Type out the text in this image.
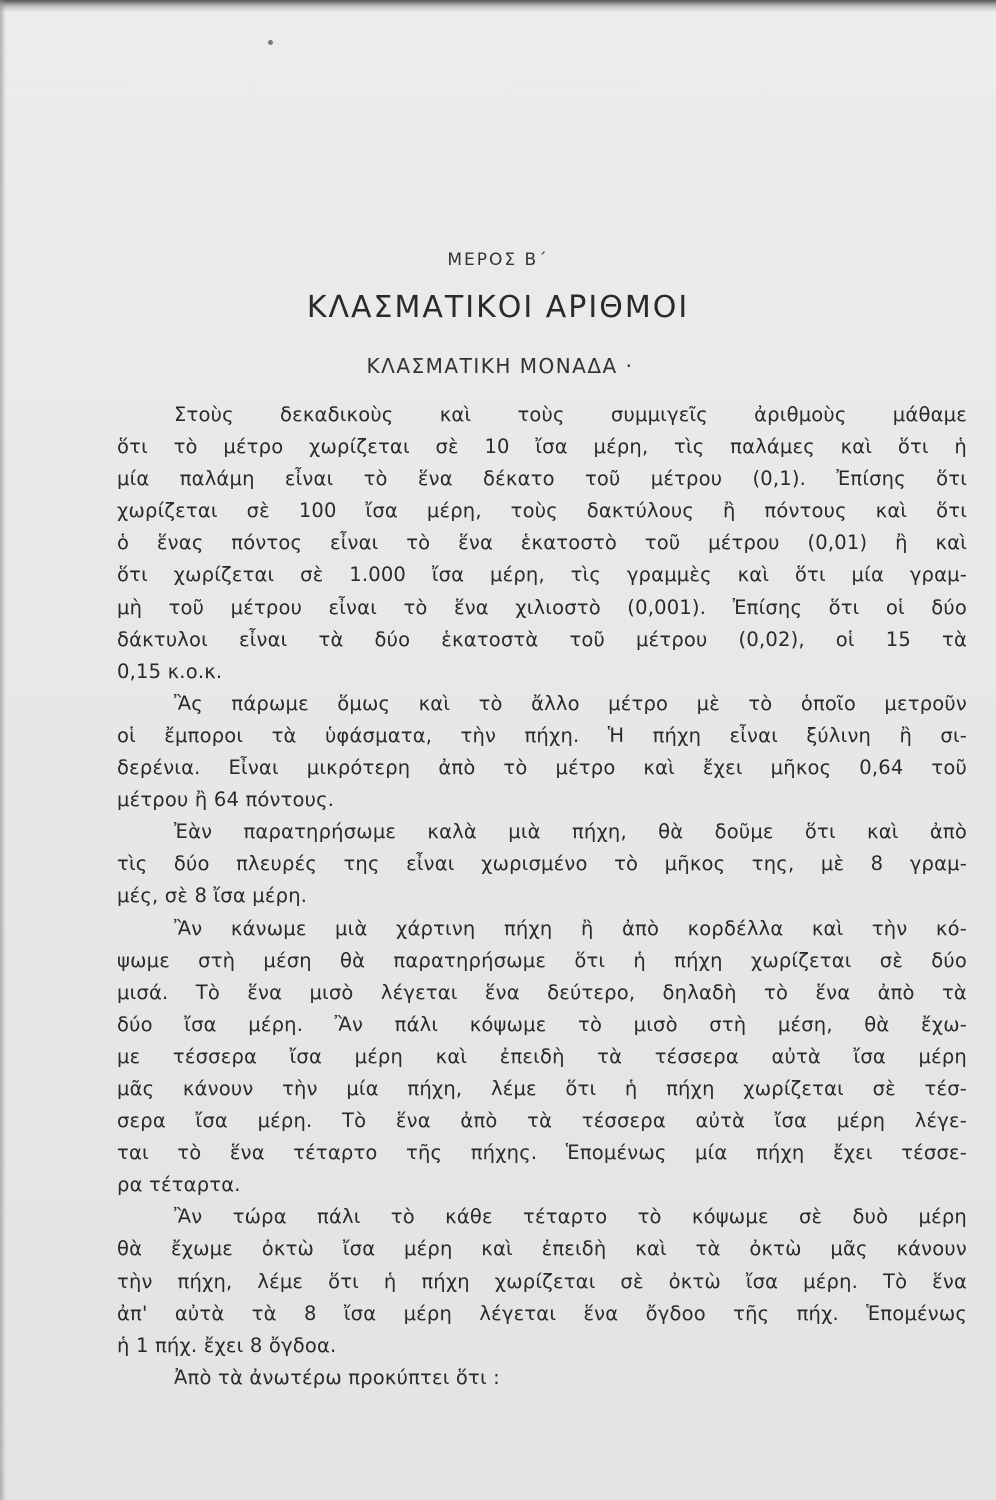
ΜΕΡΟΣ Β΄
ΚΛΑΣΜΑΤΙΚΟΙ ΑΡΙΘΜΟΙ
ΚΛΑΣΜΑΤΙΚΗ ΜΟΝΑΔΑ ·
Στοὺς δεκαδικοὺς καὶ τοὺς συμμιγεῖς ἀριθμοὺς μάθαμε
ὅτι τὸ μέτρο χωρίζεται σὲ 10 ἴσα μέρη, τὶς παλάμες καὶ ὅτι ἡ
μία παλάμη εἶναι τὸ ἕνα δέκατο τοῦ μέτρου (0,1). Ἐπίσης ὅτι
χωρίζεται σὲ 100 ἴσα μέρη, τοὺς δακτύλους ἢ πόντους καὶ ὅτι
ὁ ἕνας πόντος εἶναι τὸ ἕνα ἑκατοστὸ τοῦ μέτρου (0,01) ἢ καὶ
ὅτι χωρίζεται σὲ 1.000 ἴσα μέρη, τὶς γραμμὲς καὶ ὅτι μία γραμ-
μὴ τοῦ μέτρου εἶναι τὸ ἕνα χιλιοστὸ (0,001). Ἐπίσης ὅτι οἱ δύο
δάκτυλοι εἶναι τὰ δύο ἑκατοστὰ τοῦ μέτρου (0,02), οἱ 15 τὰ
0,15 κ.ο.κ.
Ἂς πάρωμε ὅμως καὶ τὸ ἄλλο μέτρο μὲ τὸ ὁποῖο μετροῦν
οἱ ἔμποροι τὰ ὑφάσματα, τὴν πήχη. Ἡ πήχη εἶναι ξύλινη ἢ σι-
δερένια. Εἶναι μικρότερη ἀπὸ τὸ μέτρο καὶ ἔχει μῆκος 0,64 τοῦ
μέτρου ἢ 64 πόντους.
Ἐὰν παρατηρήσωμε καλὰ μιὰ πήχη, θὰ δοῦμε ὅτι καὶ ἀπὸ
τὶς δύο πλευρές της εἶναι χωρισμένο τὸ μῆκος της, μὲ 8 γραμ-
μές, σὲ 8 ἴσα μέρη.
Ἂν κάνωμε μιὰ χάρτινη πήχη ἢ ἀπὸ κορδέλλα καὶ τὴν κό-
ψωμε στὴ μέση θὰ παρατηρήσωμε ὅτι ἡ πήχη χωρίζεται σὲ δύο
μισά. Τὸ ἕνα μισὸ λέγεται ἕνα δεύτερο, δηλαδὴ τὸ ἕνα ἀπὸ τὰ
δύο ἴσα μέρη. Ἂν πάλι κόψωμε τὸ μισὸ στὴ μέση, θὰ ἔχω-
με τέσσερα ἴσα μέρη καὶ ἐπειδὴ τὰ τέσσερα αὐτὰ ἴσα μέρη
μᾶς κάνουν τὴν μία πήχη, λέμε ὅτι ἡ πήχη χωρίζεται σὲ τέσ-
σερα ἴσα μέρη. Τὸ ἕνα ἀπὸ τὰ τέσσερα αὐτὰ ἴσα μέρη λέγε-
ται τὸ ἕνα τέταρτο τῆς πήχης. Ἑπομένως μία πήχη ἔχει τέσσε-
ρα τέταρτα.
Ἂν τώρα πάλι τὸ κάθε τέταρτο τὸ κόψωμε σὲ δυὸ μέρη
θὰ ἔχωμε ὀκτὼ ἴσα μέρη καὶ ἐπειδὴ καὶ τὰ ὀκτὼ μᾶς κάνουν
τὴν πήχη, λέμε ὅτι ἡ πήχη χωρίζεται σὲ ὀκτὼ ἴσα μέρη. Τὸ ἕνα
ἀπ' αὐτὰ τὰ 8 ἴσα μέρη λέγεται ἕνα ὄγδοο τῆς πήχ. Ἑπομένως
ἡ 1 πήχ. ἔχει 8 ὄγδοα.
Ἀπὸ τὰ ἀνωτέρω προκύπτει ὅτι :
